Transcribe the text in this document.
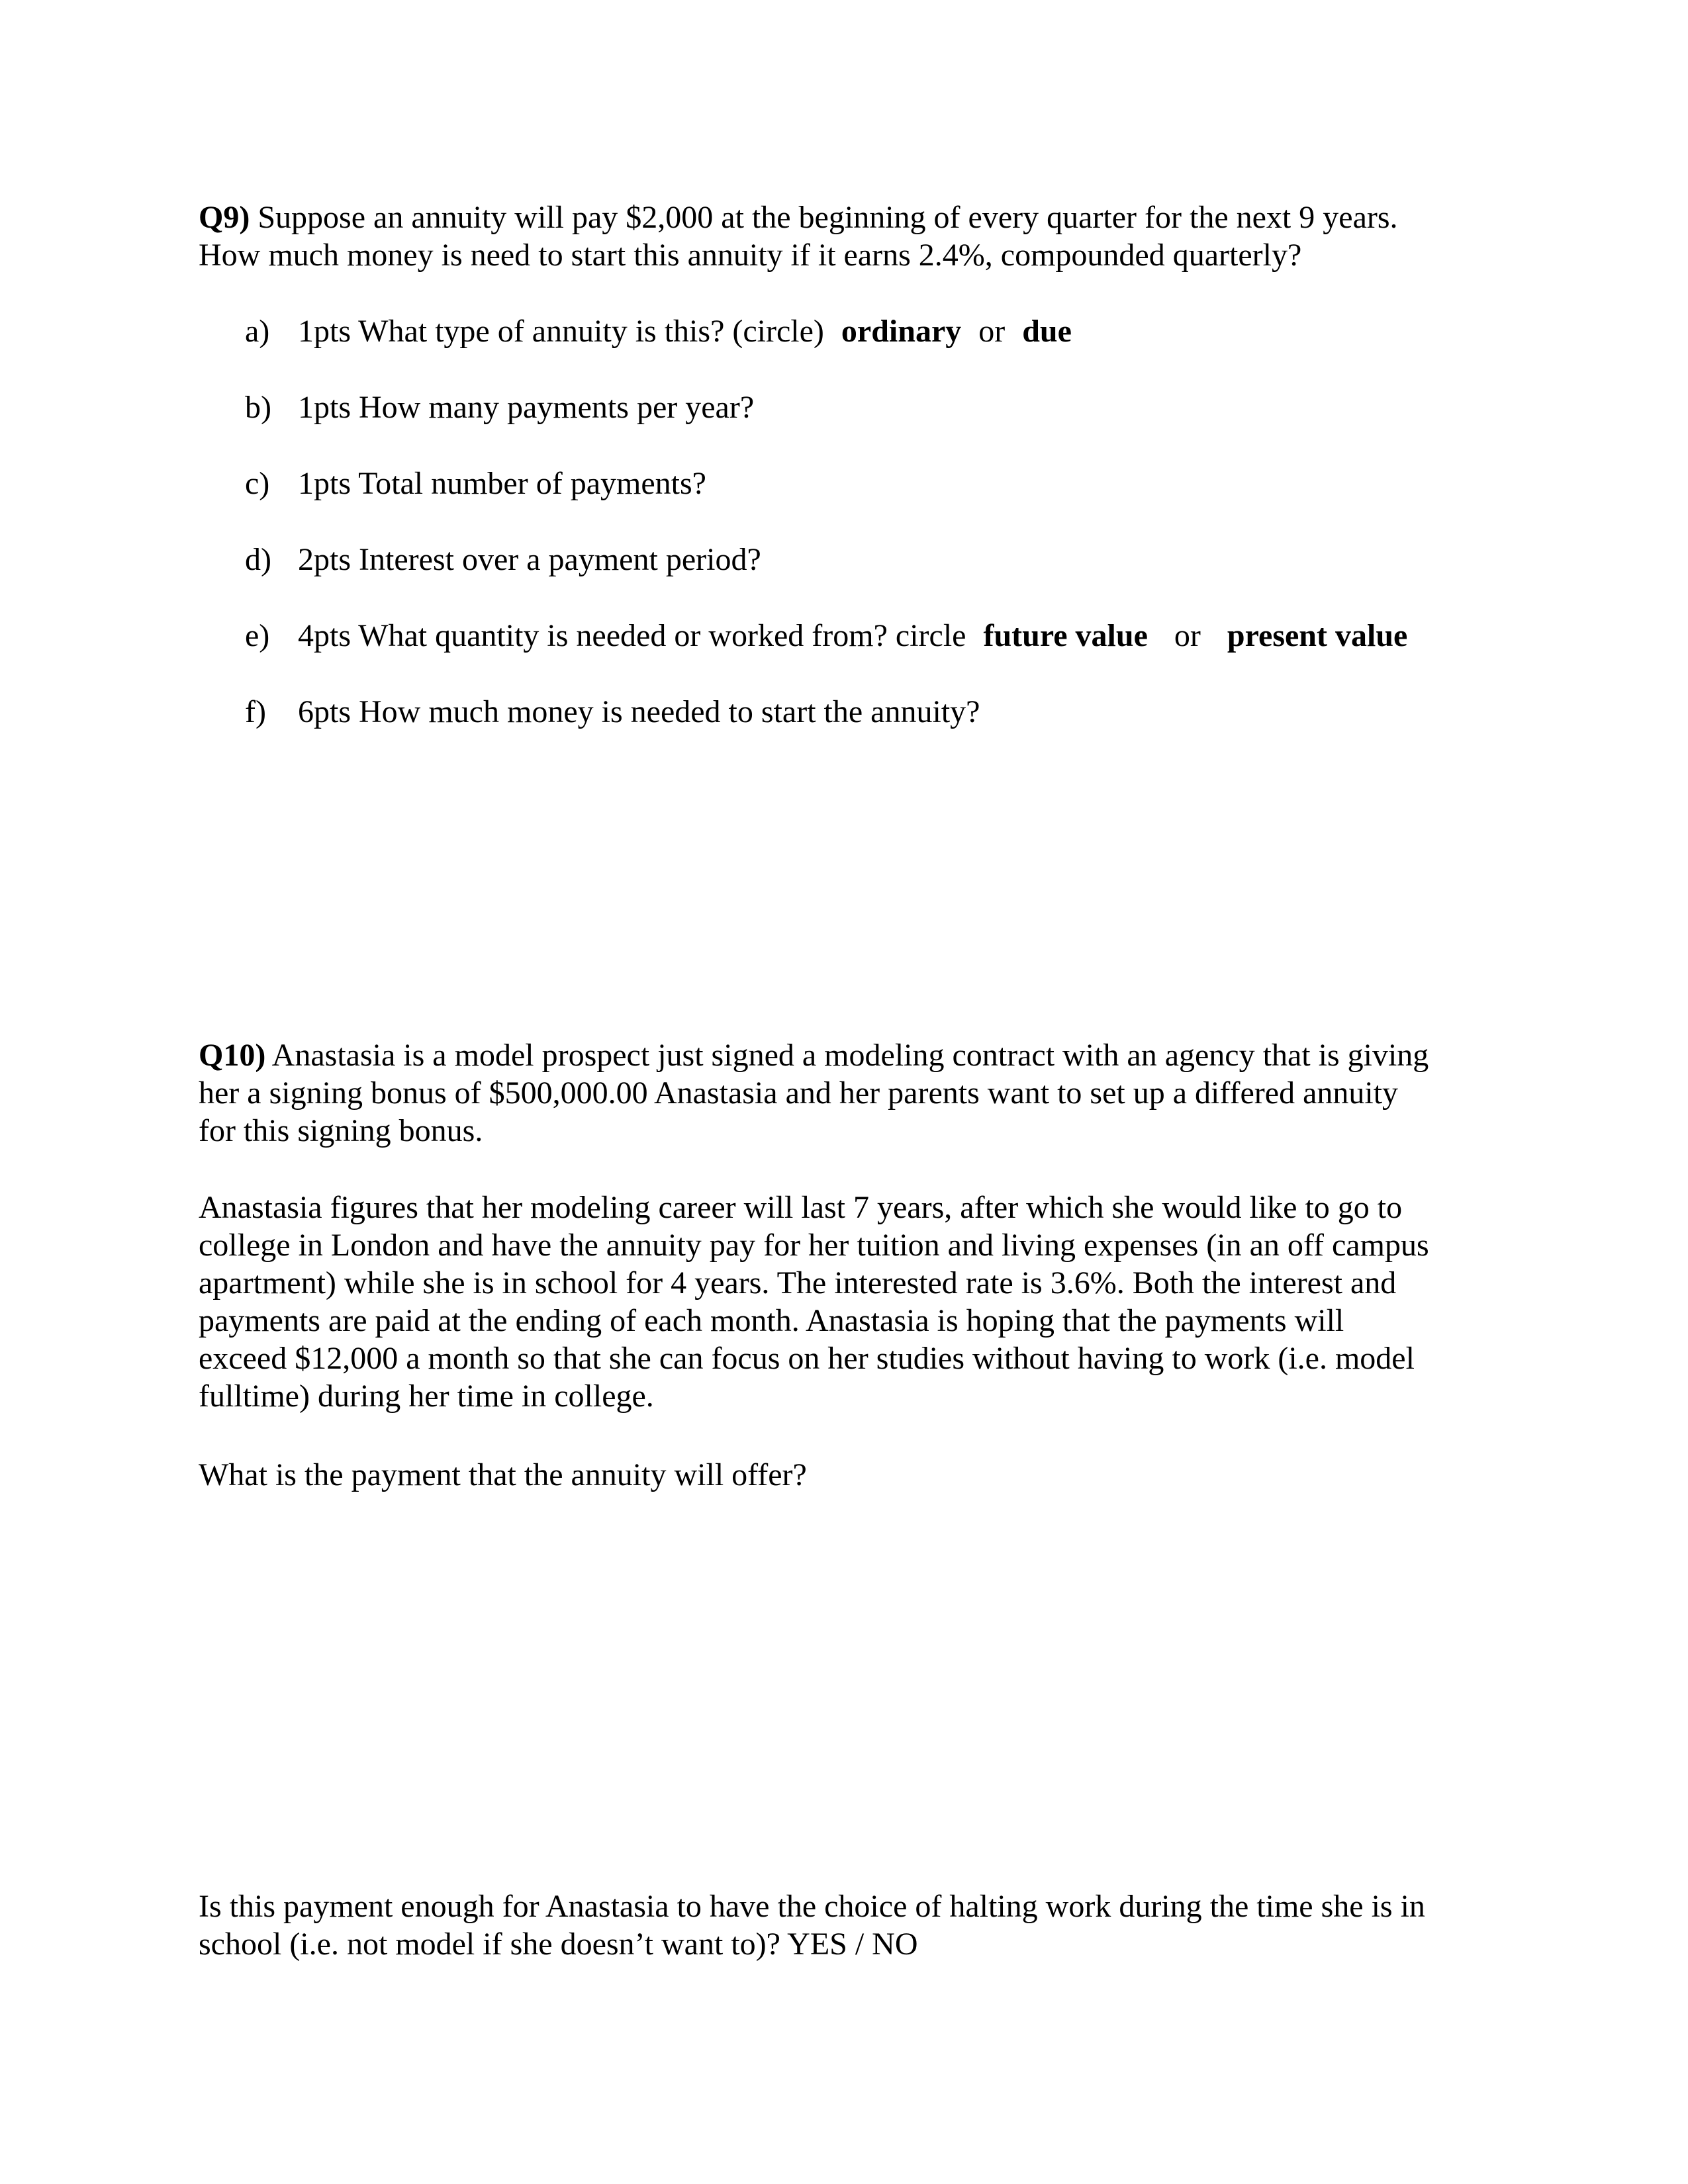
Q9) Suppose an annuity will pay $2,000 at the beginning of every quarter for the next 9 years.
How much money is need to start this annuity if it earns 2.4%, compounded quarterly?

a) 1pts What type of annuity is this? (circle) ordinary or due
b) 1pts How many payments per year?
c) 1pts Total number of payments?
d) 2pts Interest over a payment period?
e) 4pts What quantity is needed or worked from? circle future value or present value
f) 6pts How much money is needed to start the annuity?

Q10) Anastasia is a model prospect just signed a modeling contract with an agency that is giving
her a signing bonus of $500,000.00 Anastasia and her parents want to set up a differed annuity
for this signing bonus.

Anastasia figures that her modeling career will last 7 years, after which she would like to go to
college in London and have the annuity pay for her tuition and living expenses (in an off campus
apartment) while she is in school for 4 years. The interested rate is 3.6%. Both the interest and
payments are paid at the ending of each month. Anastasia is hoping that the payments will
exceed $12,000 a month so that she can focus on her studies without having to work (i.e. model
fulltime) during her time in college.

What is the payment that the annuity will offer?

Is this payment enough for Anastasia to have the choice of halting work during the time she is in
school (i.e. not model if she doesn’t want to)? YES / NO
